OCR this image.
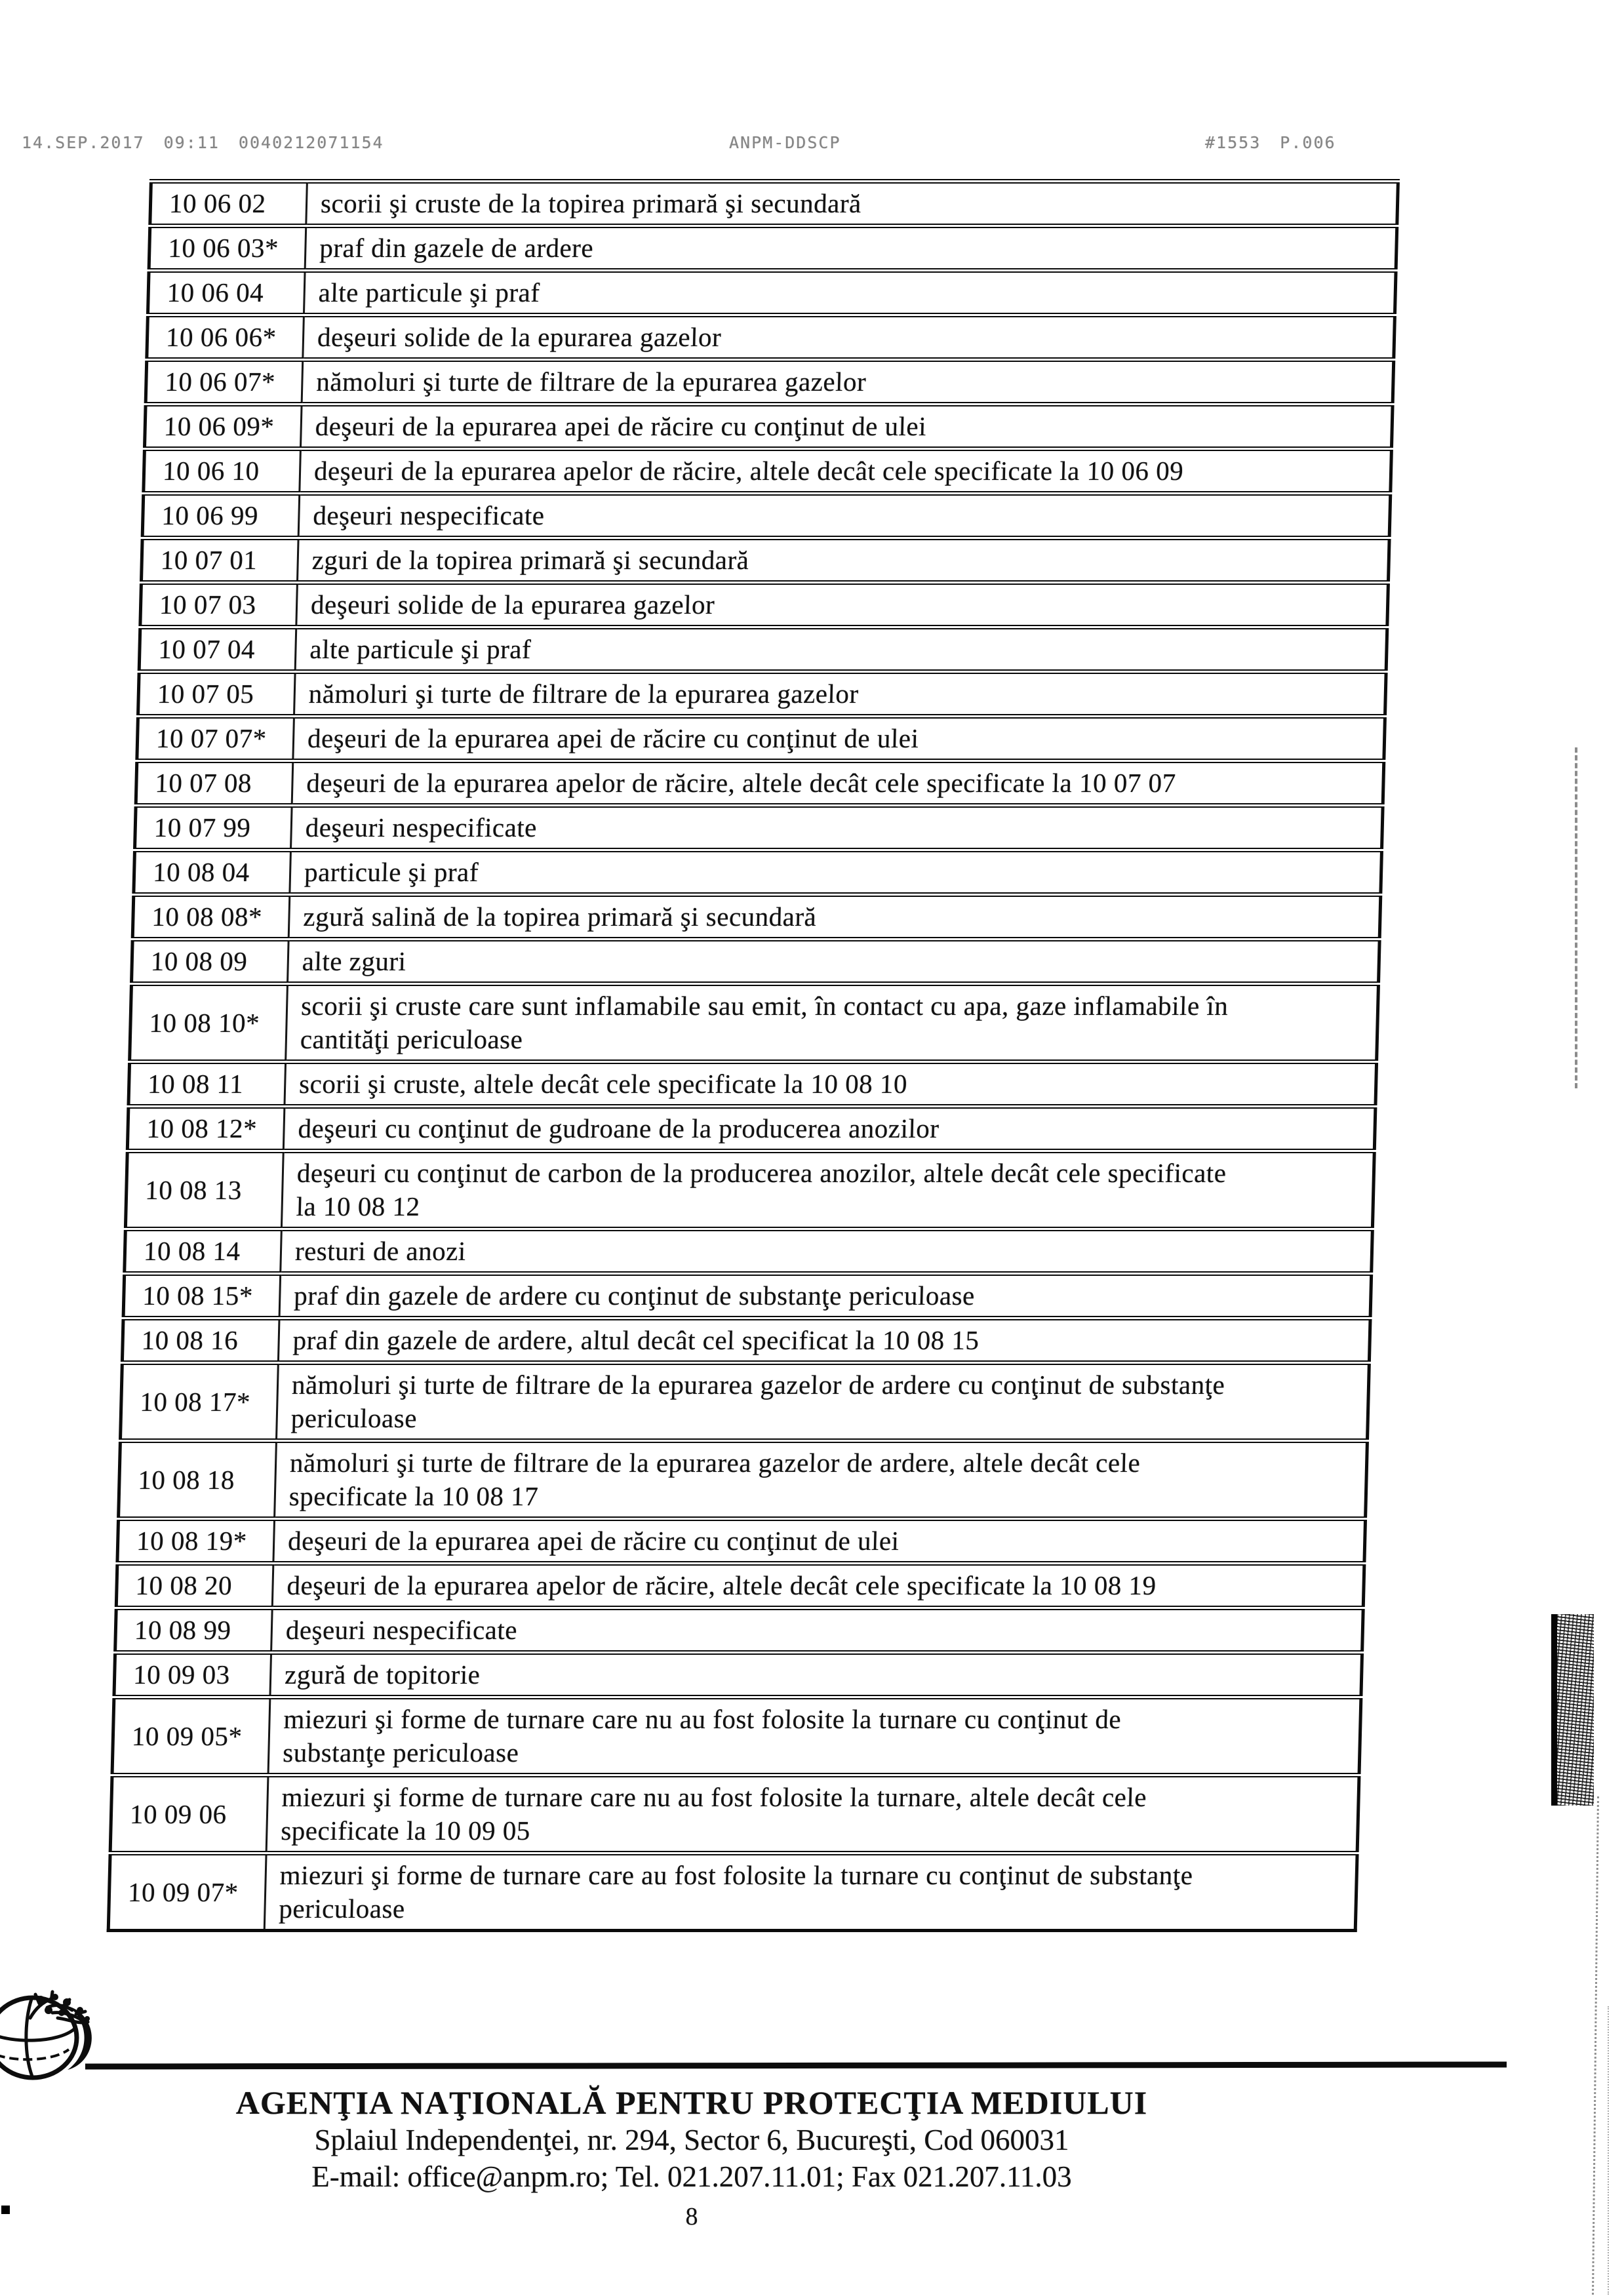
14.SEP.2017 09:11 0040212071154	ANPM-DDSCP	#1553 P.006
10 06 02	scorii şi cruste de la topirea primară şi secundară
10 06 03*	praf din gazele de ardere
10 06 04	alte particule şi praf
10 06 06*	deşeuri solide de la epurarea gazelor
10 06 07*	nămoluri şi turte de filtrare de la epurarea gazelor
10 06 09*	deşeuri de la epurarea apei de răcire cu conţinut de ulei
10 06 10	deşeuri de la epurarea apelor de răcire, altele decât cele specificate la 10 06 09
10 06 99	deşeuri nespecificate
10 07 01	zguri de la topirea primară şi secundară
10 07 03	deşeuri solide de la epurarea gazelor
10 07 04	alte particule şi praf
10 07 05	nămoluri şi turte de filtrare de la epurarea gazelor
10 07 07*	deşeuri de la epurarea apei de răcire cu conţinut de ulei
10 07 08	deşeuri de la epurarea apelor de răcire, altele decât cele specificate la 10 07 07
10 07 99	deşeuri nespecificate
10 08 04	particule şi praf
10 08 08*	zgură salină de la topirea primară şi secundară
10 08 09	alte zguri
10 08 10*	scorii şi cruste care sunt inflamabile sau emit, în contact cu apa, gaze inflamabile în cantităţi periculoase
10 08 11	scorii şi cruste, altele decât cele specificate la 10 08 10
10 08 12*	deşeuri cu conţinut de gudroane de la producerea anozilor
10 08 13	deşeuri cu conţinut de carbon de la producerea anozilor, altele decât cele specificate la 10 08 12
10 08 14	resturi de anozi
10 08 15*	praf din gazele de ardere cu conţinut de substanţe periculoase
10 08 16	praf din gazele de ardere, altul decât cel specificat la 10 08 15
10 08 17*	nămoluri şi turte de filtrare de la epurarea gazelor de ardere cu conţinut de substanţe periculoase
10 08 18	nămoluri şi turte de filtrare de la epurarea gazelor de ardere, altele decât cele specificate la 10 08 17
10 08 19*	deşeuri de la epurarea apei de răcire cu conţinut de ulei
10 08 20	deşeuri de la epurarea apelor de răcire, altele decât cele specificate la 10 08 19
10 08 99	deşeuri nespecificate
10 09 03	zgură de topitorie
10 09 05*	miezuri şi forme de turnare care nu au fost folosite la turnare cu conţinut de substanţe periculoase
10 09 06	miezuri şi forme de turnare care nu au fost folosite la turnare, altele decât cele specificate la 10 09 05
10 09 07*	miezuri şi forme de turnare care au fost folosite la turnare cu conţinut de substanţe periculoase
AGENŢIA NAŢIONALĂ PENTRU PROTECŢIA MEDIULUI
Splaiul Independenţei, nr. 294, Sector 6, Bucureşti, Cod 060031
E-mail: office@anpm.ro; Tel. 021.207.11.01; Fax 021.207.11.03
8
